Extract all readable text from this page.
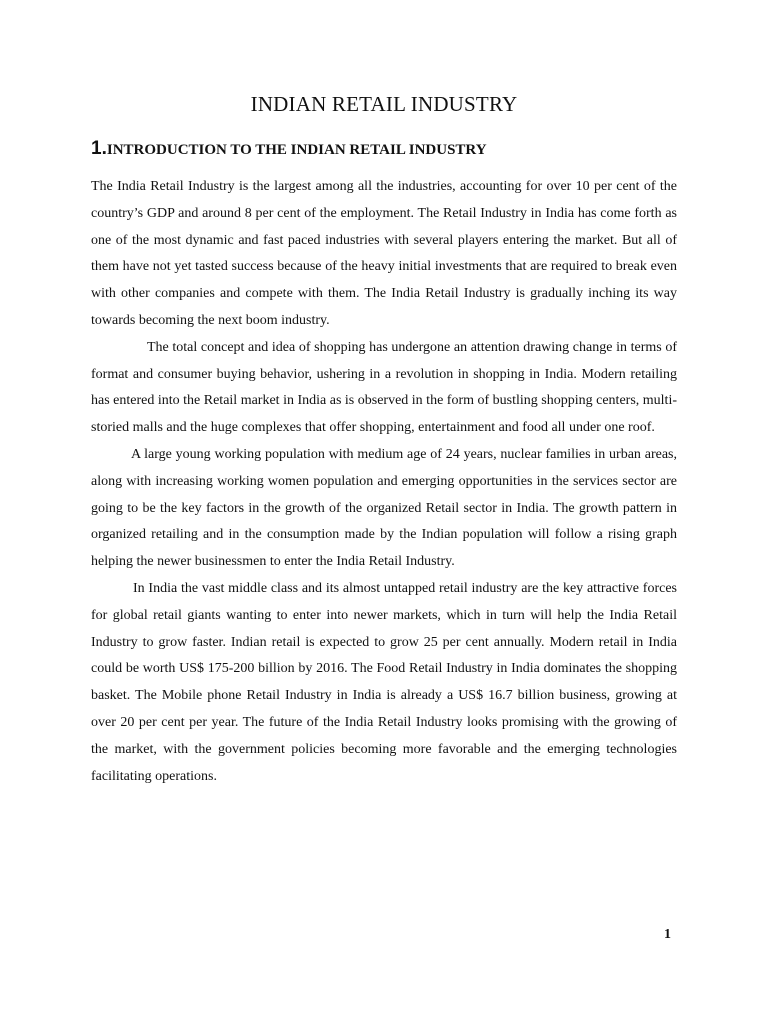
INDIAN RETAIL INDUSTRY
1.INTRODUCTION TO THE INDIAN RETAIL INDUSTRY

The India Retail Industry is the largest among all the industries, accounting for over 10 per cent of the country’s GDP and around 8 per cent of the employment. The Retail Industry in India has come forth as one of the most dynamic and fast paced industries with several players entering the market. But all of them have not yet tasted success because of the heavy initial investments that are required to break even with other companies and compete with them. The India Retail Industry is gradually inching its way towards becoming the next boom industry.

The total concept and idea of shopping has undergone an attention drawing change in terms of format and consumer buying behavior, ushering in a revolution in shopping in India. Modern retailing has entered into the Retail market in India as is observed in the form of bustling shopping centers, multi-storied malls and the huge complexes that offer shopping, entertainment and food all under one roof.

A large young working population with medium age of 24 years, nuclear families in urban areas, along with increasing working women population and emerging opportunities in the services sector are going to be the key factors in the growth of the organized Retail sector in India. The growth pattern in organized retailing and in the consumption made by the Indian population will follow a rising graph helping the newer businessmen to enter the India Retail Industry.

In India the vast middle class and its almost untapped retail industry are the key attractive forces for global retail giants wanting to enter into newer markets, which in turn will help the India Retail Industry to grow faster. Indian retail is expected to grow 25 per cent annually. Modern retail in India could be worth US$ 175-200 billion by 2016. The Food Retail Industry in India dominates the shopping basket. The Mobile phone Retail Industry in India is already a US$ 16.7 billion business, growing at over 20 per cent per year. The future of the India Retail Industry looks promising with the growing of the market, with the government policies becoming more favorable and the emerging technologies facilitating operations.

1
